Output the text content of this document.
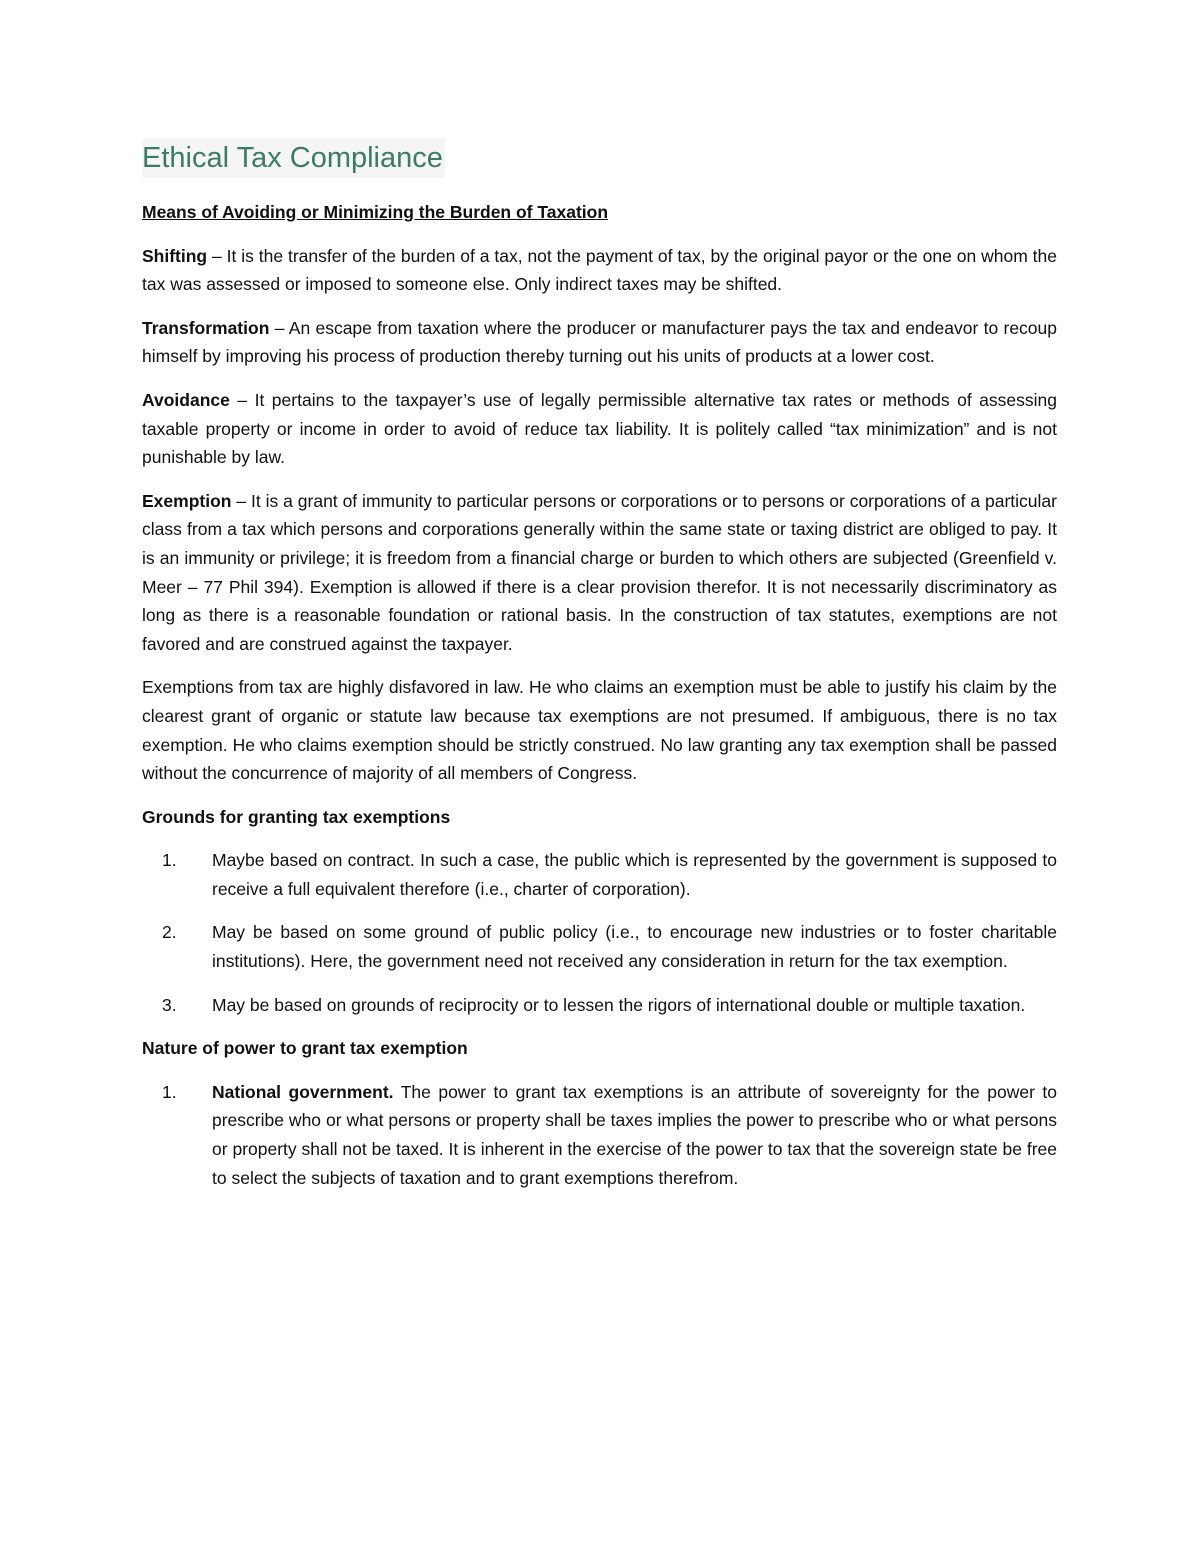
Ethical Tax Compliance
Means of Avoiding or Minimizing the Burden of Taxation

Shifting – It is the transfer of the burden of a tax, not the payment of tax, by the original payor or the one on whom the tax was assessed or imposed to someone else. Only indirect taxes may be shifted.

Transformation – An escape from taxation where the producer or manufacturer pays the tax and endeavor to recoup himself by improving his process of production thereby turning out his units of products at a lower cost.

Avoidance – It pertains to the taxpayer’s use of legally permissible alternative tax rates or methods of assessing taxable property or income in order to avoid of reduce tax liability. It is politely called “tax minimization” and is not punishable by law.

Exemption – It is a grant of immunity to particular persons or corporations or to persons or corporations of a particular class from a tax which persons and corporations generally within the same state or taxing district are obliged to pay. It is an immunity or privilege; it is freedom from a financial charge or burden to which others are subjected (Greenfield v. Meer – 77 Phil 394). Exemption is allowed if there is a clear provision therefor. It is not necessarily discriminatory as long as there is a reasonable foundation or rational basis. In the construction of tax statutes, exemptions are not favored and are construed against the taxpayer.

Exemptions from tax are highly disfavored in law. He who claims an exemption must be able to justify his claim by the clearest grant of organic or statute law because tax exemptions are not presumed. If ambiguous, there is no tax exemption. He who claims exemption should be strictly construed. No law granting any tax exemption shall be passed without the concurrence of majority of all members of Congress.

Grounds for granting tax exemptions
1. Maybe based on contract. In such a case, the public which is represented by the government is supposed to receive a full equivalent therefore (i.e., charter of corporation).
2. May be based on some ground of public policy (i.e., to encourage new industries or to foster charitable institutions). Here, the government need not received any consideration in return for the tax exemption.
3. May be based on grounds of reciprocity or to lessen the rigors of international double or multiple taxation.
Nature of power to grant tax exemption
1. National government. The power to grant tax exemptions is an attribute of sovereignty for the power to prescribe who or what persons or property shall be taxes implies the power to prescribe who or what persons or property shall not be taxed. It is inherent in the exercise of the power to tax that the sovereign state be free to select the subjects of taxation and to grant exemptions therefrom.
